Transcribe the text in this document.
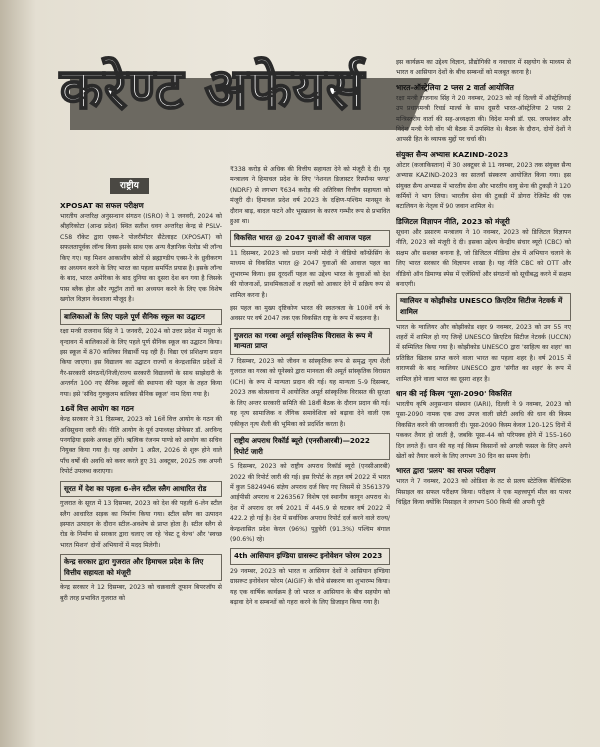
करेण्ट अफेयर्स
राष्ट्रीय
XPOSAT का सफल परीक्षण
भारतीय अन्तरिक्ष अनुसन्धान संगठन (ISRO) ने 1 जनवरी, 2024 को श्रीहरिकोटा (आन्ध्र प्रदेश) स्थित सतीश धवन अन्तरिक्ष केन्द्र से PSLV-C58 रॉकेट द्वारा एक्स-रे पोलरीमीटर सैटेलाइट (XPOSAT) को सफलतापूर्वक लॉन्च किया इसके साथ एक अन्य वैज्ञानिक पेलोड भी लॉन्च किए गए। यह मिशन आकाशीय स्रोतों से ब्रह्माण्डीय एक्स-रे के ध्रुवीकरण का अध्ययन करने के लिए भारत का पहला समर्पित प्रयास है। इसके लॉन्च के बाद, भारत अमेरिका के बाद दुनिया का दूसरा देश बन गया है जिसके पास ब्लैक होल और न्यूट्रॉन तारों का अध्ययन करने के लिए एक विशेष खगोल विज्ञान वेधशाला मौजूद है।
बालिकाओं के लिए पहले पूर्ण सैनिक स्कूल का उद्घाटन
रक्षा मन्त्री राजनाथ सिंह ने 1 जनवरी, 2024 को उत्तर प्रदेश में मथुरा के वृन्दावन में बालिकाओं के लिए पहले पूर्ण सैनिक स्कूल का उद्घाटन किया। इस स्कूल में 870 बालिका विद्यार्थी पढ़ रही हैं। विद्या एवं प्रशिक्षण प्रदान किया जाएगा। इस विद्यालय का उद्घाटन राज्यों व केन्द्रशासित प्रदेशों में गैर-सरकारी संगठनों/निजी/राज्य सरकारी विद्यालयों के साथ साझेदारी के अन्तर्गत 100 नए सैनिक स्कूलों की स्थापना की पहल के तहत किया गया। इसे 'संविद गुरुकुलम बालिका सैनिक स्कूल' नाम दिया गया है।
16वें वित्त आयोग का गठन
केन्द्र सरकार ने 31 दिसम्बर, 2023 को 16वें वित्त आयोग के गठन की अधिसूचना जारी की। नीति आयोग के पूर्व उपाध्यक्ष प्रोफेसर डॉ. अरविन्द पनगढ़िया इसके अध्यक्ष होंगे। ऋत्विक रंजनम पाण्डे को आयोग का सचिव नियुक्त किया गया है। यह आयोग 1 अप्रैल, 2026 से शुरू होने वाले पाँच वर्षों की अवधि को कवर करते हुए 31 अक्टूबर, 2025 तक अपनी रिपोर्ट उपलब्ध कराएगा।
सूरत में देश का पहला 6-लेन स्टील स्लैग आधारित रोड
गुजरात के सूरत में 13 दिसम्बर, 2023 को देश की पहली 6-लेन स्टील स्लैग आधारित सड़क का निर्माण किया गया। स्टील स्लैग का उत्पादन इस्पात उत्पादन के दौरान स्टील-अवशेष से प्राप्त होता है। स्टील स्लैग से रोड के निर्माण से सरकार द्वारा चलाए जा रहे 'वेस्ट टू वेल्थ' और 'स्वच्छ भारत मिशन' दोनों अभियानों में मदद मिलेगी।
केन्द्र सरकार द्वारा गुजरात और हिमाचल प्रदेश के लिए वित्तीय सहायता को मंजूरी
केन्द्र सरकार ने 12 दिसम्बर, 2023 को चक्रवाती तूफान बिपरजॉय से बुरी तरह प्रभावित गुजरात को
₹338 करोड़ से अधिक की वित्तीय सहायता देने को मंजूरी दे दी। गृह मन्त्रालय ने हिमाचल प्रदेश के लिए 'नेशनल डिजास्टर रिस्पॉन्स फण्ड' (NDRF) से लगभग ₹634 करोड़ की अतिरिक्त वित्तीय सहायता को मंजूरी दी। हिमाचल प्रदेश वर्ष 2023 के दक्षिण-पश्चिम मानसून के दौरान बाढ़, बादल फटने और भूस्खलन के कारण गम्भीर रूप से प्रभावित हुआ था।
विकसित भारत @ 2047 युवाओं की आवाज पहल
11 दिसम्बर, 2023 को प्रधान मन्त्री मोदी ने वीडियो कॉन्फ्रेंसिंग के माध्यम से विकसित भारत @ 2047 युवाओं की आवाज पहल का शुभारम्भ किया। इस दूरदर्शी पहल का उद्देश्य भारत के युवाओं को देश की योजनाओं, प्राथमिकताओं व लक्ष्यों को आकार देने में सक्रिय रूप से शामिल करना है।
इस पहल का मुख्य दृष्टिकोण भारत की स्वतन्त्रता के 100वें वर्ष के अवसर पर वर्ष 2047 तक एक विकसित राष्ट्र के रूप में बदलना है।
गुजरात का गरबा अमूर्त सांस्कृतिक विरासत के रूप में मान्यता प्राप्त
7 दिसम्बर, 2023 को जीवन व सांस्कृतिक रूप से समृद्ध नृत्य शैली गुजरात का गरबा को यूनेस्को द्वारा मानवता की अमूर्त सांस्कृतिक विरासत (ICH) के रूप में मान्यता प्रदान की गई। यह मान्यता 5-9 दिसम्बर, 2023 तक बोत्सवाना में आयोजित अमूर्त सांस्कृतिक विरासत की सुरक्षा के लिए अन्तर सरकारी समिति की 18वीं बैठक के दौरान प्रदान की गई। यह नृत्य सामाजिक व लैंगिक समावेशिता को बढ़ावा देने वाली एक एकीकृत नृत्य शैली की भूमिका को प्रदर्शित करता है।
राष्ट्रीय अपराध रिकॉर्ड ब्यूरो (एनसीआरबी)—2022 रिपोर्ट जारी
5 दिसम्बर, 2023 को राष्ट्रीय अपराध रिकॉर्ड ब्यूरो (एनसीआरबी) 2022 की रिपोर्ट जारी की गई। इस रिपोर्ट के तहत वर्ष 2022 में भारत में कुल 5824946 संज्ञेय अपराध दर्ज किए गए जिसमें से 3561379 आईपीसी अपराध व 2263567 विशेष एवं स्थानीय कानून अपराध थे। देश में अपराध दर वर्ष 2021 में 445.9 से घटकर वर्ष 2022 में 422.2 हो गई है। देश में सर्वाधिक अपराध रिपोर्ट दर्ज करने वाले राज्य/केन्द्रशासित प्रदेश केरल (96%) पुडुचेरी (91.3%) पश्चिम बंगाल (90.6%) रहे।
4th आसियान इण्डिया ग्रासरूट इनोवेशन फोरम 2023
29 नवम्बर, 2023 को भारत व आसियान देशों ने आसियान इण्डिया ग्रासरूट इनोवेशन फोरम (AIGIF) के चौथे संस्करण का शुभारम्भ किया। यह एक वार्षिक कार्यक्रम है जो भारत व आसियान के बीच सहयोग को बढ़ावा देने व सम्बन्धों को गहरा करने के लिए डिजाइन किया गया है।
इस कार्यक्रम का उद्देश्य विज्ञान, प्रौद्योगिकी व नवाचार में सहयोग के माध्यम से भारत व आसियान देशों के बीच सम्बन्धों को मजबूत करना है।
भारत-ऑस्ट्रेलिया 2 प्लस 2 वार्ता आयोजित
रक्षा मन्त्री राजनाथ सिंह ने 20 नवम्बर, 2023 को नई दिल्ली में ऑस्ट्रेलियाई उप प्रधानमन्त्री रिचर्ड मार्ल्स के साथ दूसरी भारत-ऑस्ट्रेलिया 2 प्लस 2 मन्त्रिस्तरीय वार्ता की सह-अध्यक्षता की। विदेश मन्त्री डॉ. एस. जयशंकर और विदेश मन्त्री पेनी वोंग भी बैठक में उपस्थित थे। बैठक के दौरान, दोनों देशों ने आपसी हित के व्यापक मुद्दों पर चर्चा की।
संयुक्त सैन्य अभ्यास KAZIND-2023
ओटार (कजाकिस्तान) में 30 अक्टूबर से 11 नवम्बर, 2023 तक संयुक्त सैन्य अभ्यास KAZIND-2023 का सातवाँ संस्करण आयोजित किया गया। इस संयुक्त सैन्य अभ्यास में भारतीय सेना और भारतीय वायु सेना की टुकड़ी ने 120 कर्मियों ने भाग लिया। भारतीय सेना की टुकड़ी में डोगरा रेजिमेंट की एक बटालियन के नेतृत्व में 90 जवान शामिल थे।
डिजिटल विज्ञापन नीति, 2023 को मंजूरी
सूचना और प्रसारण मन्त्रालय ने 10 नवम्बर, 2023 को डिजिटल विज्ञापन नीति, 2023 को मंजूरी दे दी। इसका उद्देश्य केन्द्रीय संचार ब्यूरो (CBC) को सक्षम और सशक्त बनाना है, जो डिजिटल मीडिया क्षेत्र में अभियान चलाने के लिए भारत सरकार की विज्ञापन शाखा है। यह नीति CBC को OTT और वीडियो ऑन डिमाण्ड स्पेस में एजेंसियों और संगठनों को सूचीबद्ध करने में सक्षम बनाएगी।
ग्वालियर व कोझीकोड UNESCO क्रिएटिव सिटीज नेटवर्क में शामिल
भारत के ग्वालियर और कोझीकोड शहर 9 नवम्बर, 2023 को उन 55 नए शहरों में शामिल हो गए जिन्हें UNESCO क्रिएटिव सिटीज नेटवर्क (UCCN) में सम्मिलित किया गया है। कोझीकोड UNESCO द्वारा 'साहित्य का शहर' का प्रतिष्ठित खिताब प्राप्त करने वाला भारत का पहला शहर है। वर्ष 2015 में वाराणसी के बाद ग्वालियर UNESCO द्वारा 'संगीत का शहर' के रूप में शामिल होने वाला भारत का दूसरा शहर है।
धान की नई किस्म 'पूसा-2090' विकसित
भारतीय कृषि अनुसन्धान संस्थान (IARI), दिल्ली ने 9 नवम्बर, 2023 को पूसा-2090 नामक एक उच्च उपज वाली छोटी अवधि की धान की किस्म विकसित करने की जानकारी दी। पूसा-2090 किस्म केवल 120-125 दिनों में पककर तैयार हो जाती है, जबकि पूसा-44 को परिपक्व होने में 155-160 दिन लगते हैं। धान की यह नई किस्म किसानों को अगली फसल के लिए अपने खेतों को तैयार करने के लिए लगभग 30 दिन का समय देगी।
भारत द्वारा 'प्रलय' का सफल परीक्षण
भारत ने 7 नवम्बर, 2023 को ओडिशा के तट से प्रलय स्टेटेजिक बैलिस्टिक मिसाइल का सफल परीक्षण किया। परीक्षण ने एक महत्त्वपूर्ण मील का पत्थर चिह्नित किया क्योंकि मिसाइल ने लगभग 500 किमी की अपनी पूरी
